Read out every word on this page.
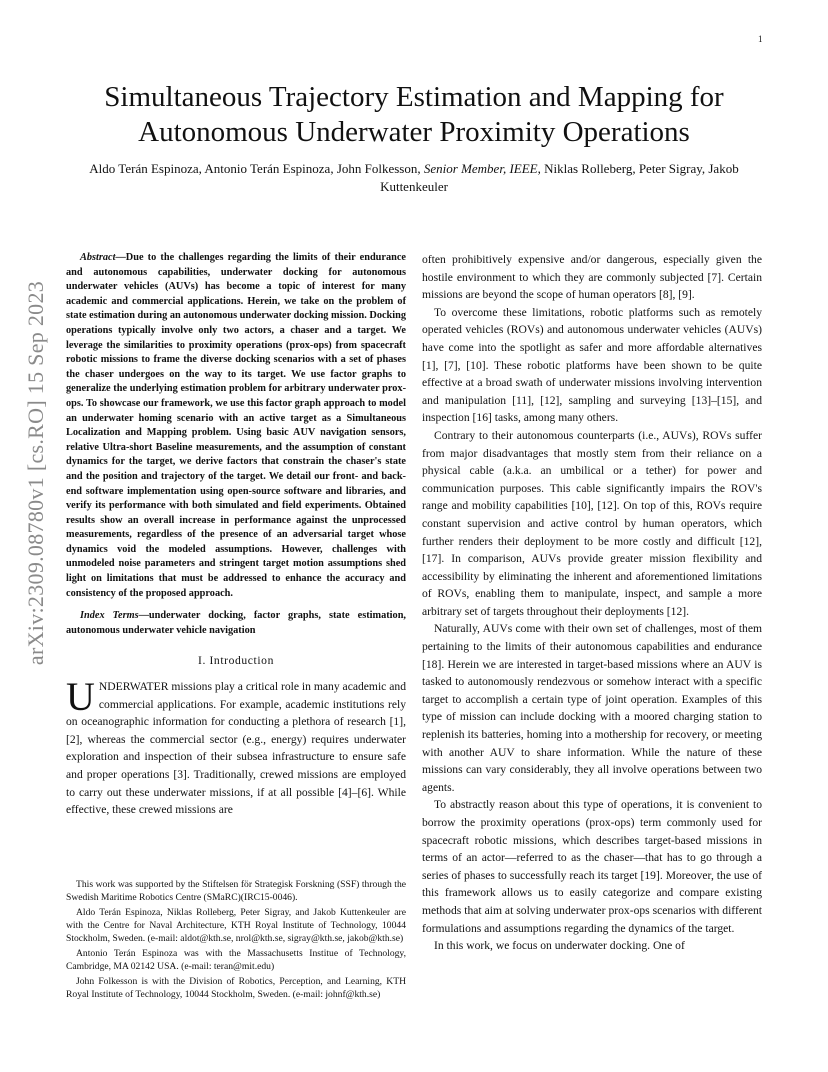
1
arXiv:2309.08780v1 [cs.RO] 15 Sep 2023
Simultaneous Trajectory Estimation and Mapping for Autonomous Underwater Proximity Operations
Aldo Terán Espinoza, Antonio Terán Espinoza, John Folkesson, Senior Member, IEEE, Niklas Rolleberg, Peter Sigray, Jakob Kuttenkeuler

Abstract—Due to the challenges regarding the limits of their endurance and autonomous capabilities, underwater docking for autonomous underwater vehicles (AUVs) has become a topic of interest for many academic and commercial applications. Herein, we take on the problem of state estimation during an autonomous underwater docking mission. Docking operations typically involve only two actors, a chaser and a target. We leverage the similarities to proximity operations (prox-ops) from spacecraft robotic missions to frame the diverse docking scenarios with a set of phases the chaser undergoes on the way to its target. We use factor graphs to generalize the underlying estimation problem for arbitrary underwater prox-ops. To showcase our framework, we use this factor graph approach to model an underwater homing scenario with an active target as a Simultaneous Localization and Mapping problem. Using basic AUV navigation sensors, relative Ultra-short Baseline measurements, and the assumption of constant dynamics for the target, we derive factors that constrain the chaser's state and the position and trajectory of the target. We detail our front- and back-end software implementation using open-source software and libraries, and verify its performance with both simulated and field experiments. Obtained results show an overall increase in performance against the unprocessed measurements, regardless of the presence of an adversarial target whose dynamics void the modeled assumptions. However, challenges with unmodeled noise parameters and stringent target motion assumptions shed light on limitations that must be addressed to enhance the accuracy and consistency of the proposed approach.

Index Terms—underwater docking, factor graphs, state estimation, autonomous underwater vehicle navigation

I. Introduction

UNDERWATER missions play a critical role in many academic and commercial applications. For example, academic institutions rely on oceanographic information for conducting a plethora of research [1], [2], whereas the commercial sector (e.g., energy) requires underwater exploration and inspection of their subsea infrastructure to ensure safe and proper operations [3]. Traditionally, crewed missions are employed to carry out these underwater missions, if at all possible [4]–[6]. While effective, these crewed missions are

This work was supported by the Stiftelsen för Strategisk Forskning (SSF) through the Swedish Maritime Robotics Centre (SMaRC)(IRC15-0046).

Aldo Terán Espinoza, Niklas Rolleberg, Peter Sigray, and Jakob Kuttenkeuler are with the Centre for Naval Architecture, KTH Royal Institute of Technology, 10044 Stockholm, Sweden. (e-mail: aldot@kth.se, nrol@kth.se, sigray@kth.se, jakob@kth.se)

Antonio Terán Espinoza was with the Massachusetts Institue of Technology, Cambridge, MA 02142 USA. (e-mail: teran@mit.edu)

John Folkesson is with the Division of Robotics, Perception, and Learning, KTH Royal Institute of Technology, 10044 Stockholm, Sweden. (e-mail: johnf@kth.se)

often prohibitively expensive and/or dangerous, especially given the hostile environment to which they are commonly subjected [7]. Certain missions are beyond the scope of human operators [8], [9].

To overcome these limitations, robotic platforms such as remotely operated vehicles (ROVs) and autonomous underwater vehicles (AUVs) have come into the spotlight as safer and more affordable alternatives [1], [7], [10]. These robotic platforms have been shown to be quite effective at a broad swath of underwater missions involving intervention and manipulation [11], [12], sampling and surveying [13]–[15], and inspection [16] tasks, among many others.

Contrary to their autonomous counterparts (i.e., AUVs), ROVs suffer from major disadvantages that mostly stem from their reliance on a physical cable (a.k.a. an umbilical or a tether) for power and communication purposes. This cable significantly impairs the ROV's range and mobility capabilities [10], [12]. On top of this, ROVs require constant supervision and active control by human operators, which further renders their deployment to be more costly and difficult [12], [17]. In comparison, AUVs provide greater mission flexibility and accessibility by eliminating the inherent and aforementioned limitations of ROVs, enabling them to manipulate, inspect, and sample a more arbitrary set of targets throughout their deployments [12].

Naturally, AUVs come with their own set of challenges, most of them pertaining to the limits of their autonomous capabilities and endurance [18]. Herein we are interested in target-based missions where an AUV is tasked to autonomously rendezvous or somehow interact with a specific target to accomplish a certain type of joint operation. Examples of this type of mission can include docking with a moored charging station to replenish its batteries, homing into a mothership for recovery, or meeting with another AUV to share information. While the nature of these missions can vary considerably, they all involve operations between two agents.

To abstractly reason about this type of operations, it is convenient to borrow the proximity operations (prox-ops) term commonly used for spacecraft robotic missions, which describes target-based missions in terms of an actor—referred to as the chaser—that has to go through a series of phases to successfully reach its target [19]. Moreover, the use of this framework allows us to easily categorize and compare existing methods that aim at solving underwater prox-ops scenarios with different formulations and assumptions regarding the dynamics of the target.

In this work, we focus on underwater docking. One of
